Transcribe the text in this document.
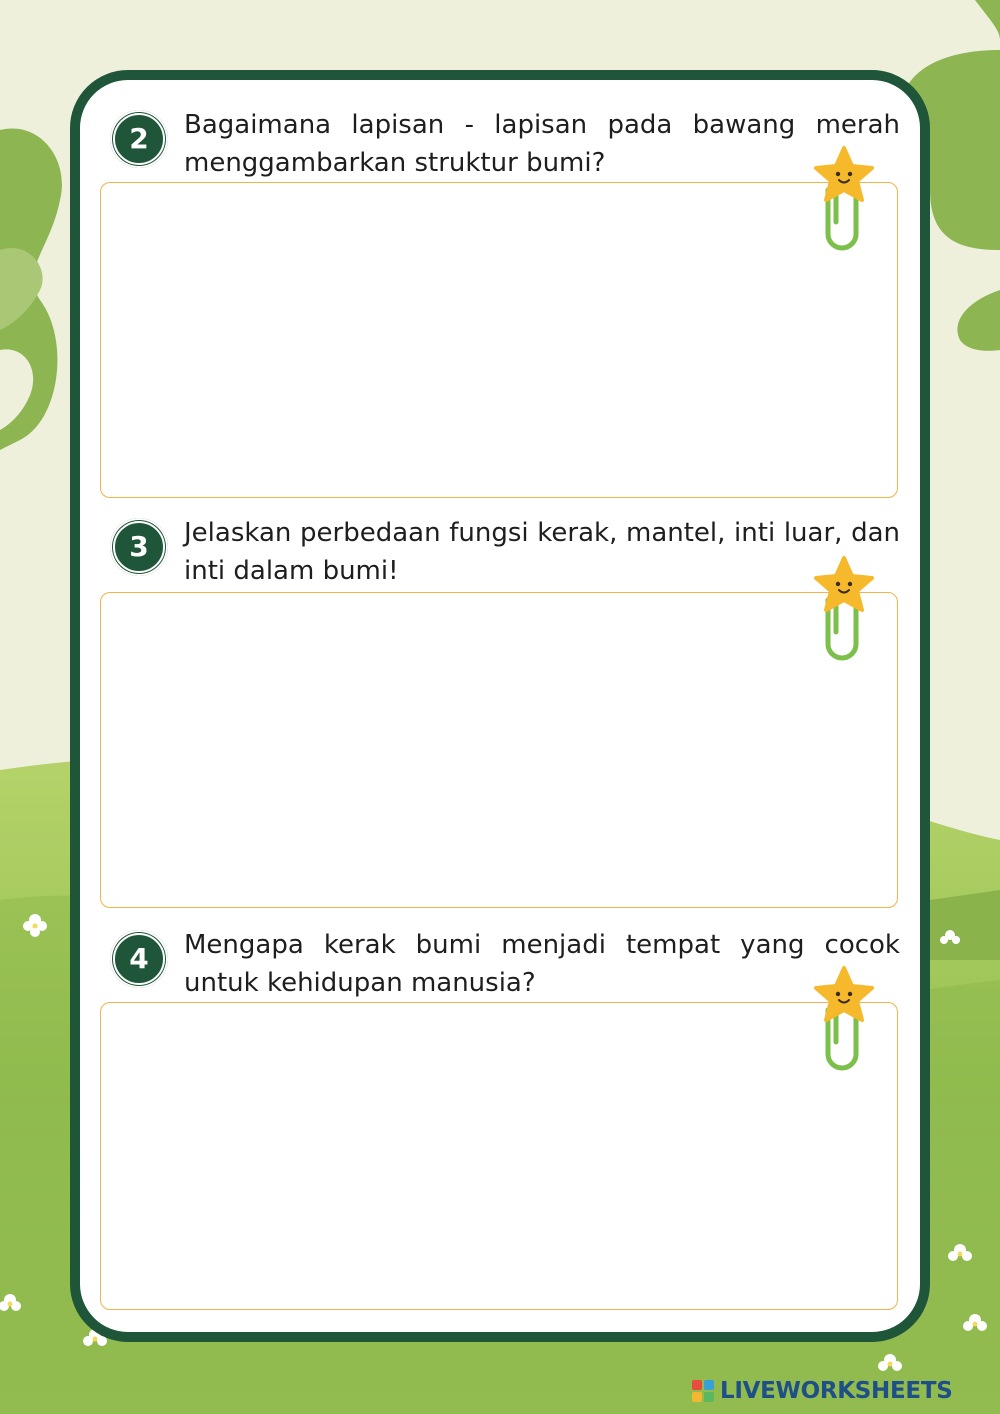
2	Bagaimana lapisan - lapisan pada bawang merah menggambarkan struktur bumi?
3	Jelaskan perbedaan fungsi kerak, mantel, inti luar, dan inti dalam bumi!
4	Mengapa kerak bumi menjadi tempat yang cocok untuk kehidupan manusia?
LIVEWORKSHEETS
